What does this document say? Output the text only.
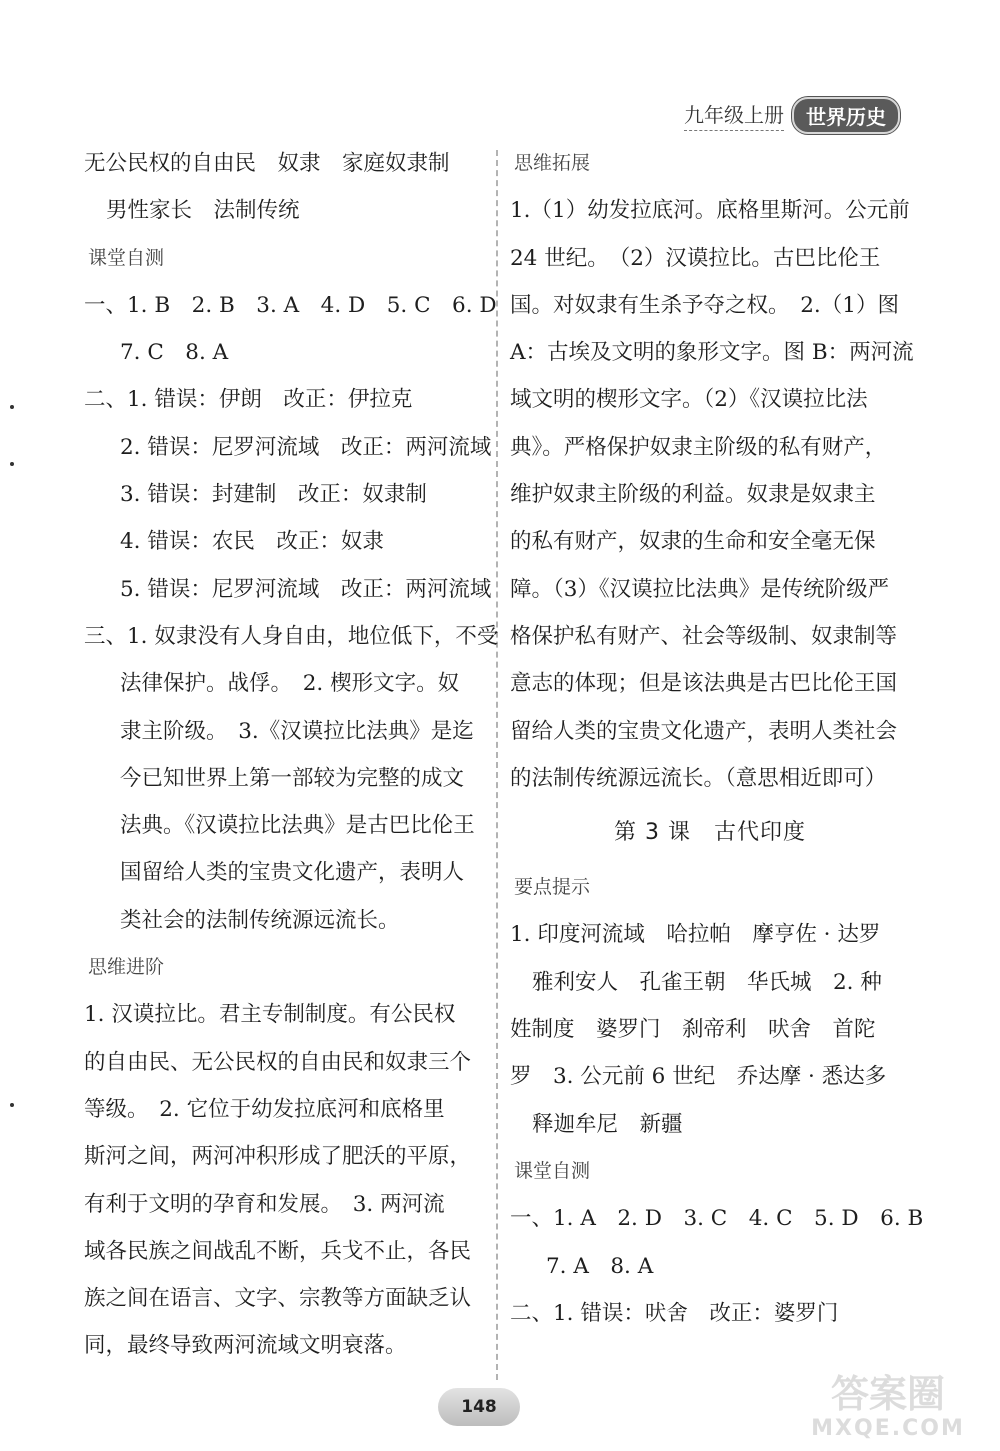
九年级上册	世界历史
无公民权的自由民　奴隶　家庭奴隶制
男性家长　法制传统
课堂自测
一、1. B　2. B　3. A　4. D　5. C　6. D
7. C　8. A
二、1. 错误：伊朗　改正：伊拉克
2. 错误：尼罗河流域　改正：两河流域
3. 错误：封建制　改正：奴隶制
4. 错误：农民　改正：奴隶
5. 错误：尼罗河流域　改正：两河流域
三、1. 奴隶没有人身自由，地位低下，不受
法律保护。战俘。　2. 楔形文字。奴
隶主阶级。　3.《汉谟拉比法典》是迄
今已知世界上第一部较为完整的成文
法典。《汉谟拉比法典》是古巴比伦王
国留给人类的宝贵文化遗产，表明人
类社会的法制传统源远流长。
思维进阶
1. 汉谟拉比。君主专制制度。有公民权
的自由民、无公民权的自由民和奴隶三个
等级。　2. 它位于幼发拉底河和底格里
斯河之间，两河冲积形成了肥沃的平原，
有利于文明的孕育和发展。　3. 两河流
域各民族之间战乱不断，兵戈不止，各民
族之间在语言、文字、宗教等方面缺乏认
同，最终导致两河流域文明衰落。
思维拓展
1.（1）幼发拉底河。底格里斯河。公元前
24 世纪。　（2）汉谟拉比。古巴比伦王
国。对奴隶有生杀予夺之权。　2.（1）图
A：古埃及文明的象形文字。图 B：两河流
域文明的楔形文字。（2）《汉谟拉比法
典》。严格保护奴隶主阶级的私有财产，
维护奴隶主阶级的利益。奴隶是奴隶主
的私有财产，奴隶的生命和安全毫无保
障。（3）《汉谟拉比法典》是传统阶级严
格保护私有财产、社会等级制、奴隶制等
意志的体现；但是该法典是古巴比伦王国
留给人类的宝贵文化遗产，表明人类社会
的法制传统源远流长。（意思相近即可）
第 3 课　古代印度
要点提示
1. 印度河流域　哈拉帕　摩亨佐 · 达罗
雅利安人　孔雀王朝　华氏城　2. 种
姓制度　婆罗门　刹帝利　吠舍　首陀
罗　3. 公元前 6 世纪　乔达摩 · 悉达多
释迦牟尼　新疆
课堂自测
一、1. A　2. D　3. C　4. C　5. D　6. B
7. A　8. A
二、1. 错误：吠舍　改正：婆罗门
148	答案圈
MXQE.COM
